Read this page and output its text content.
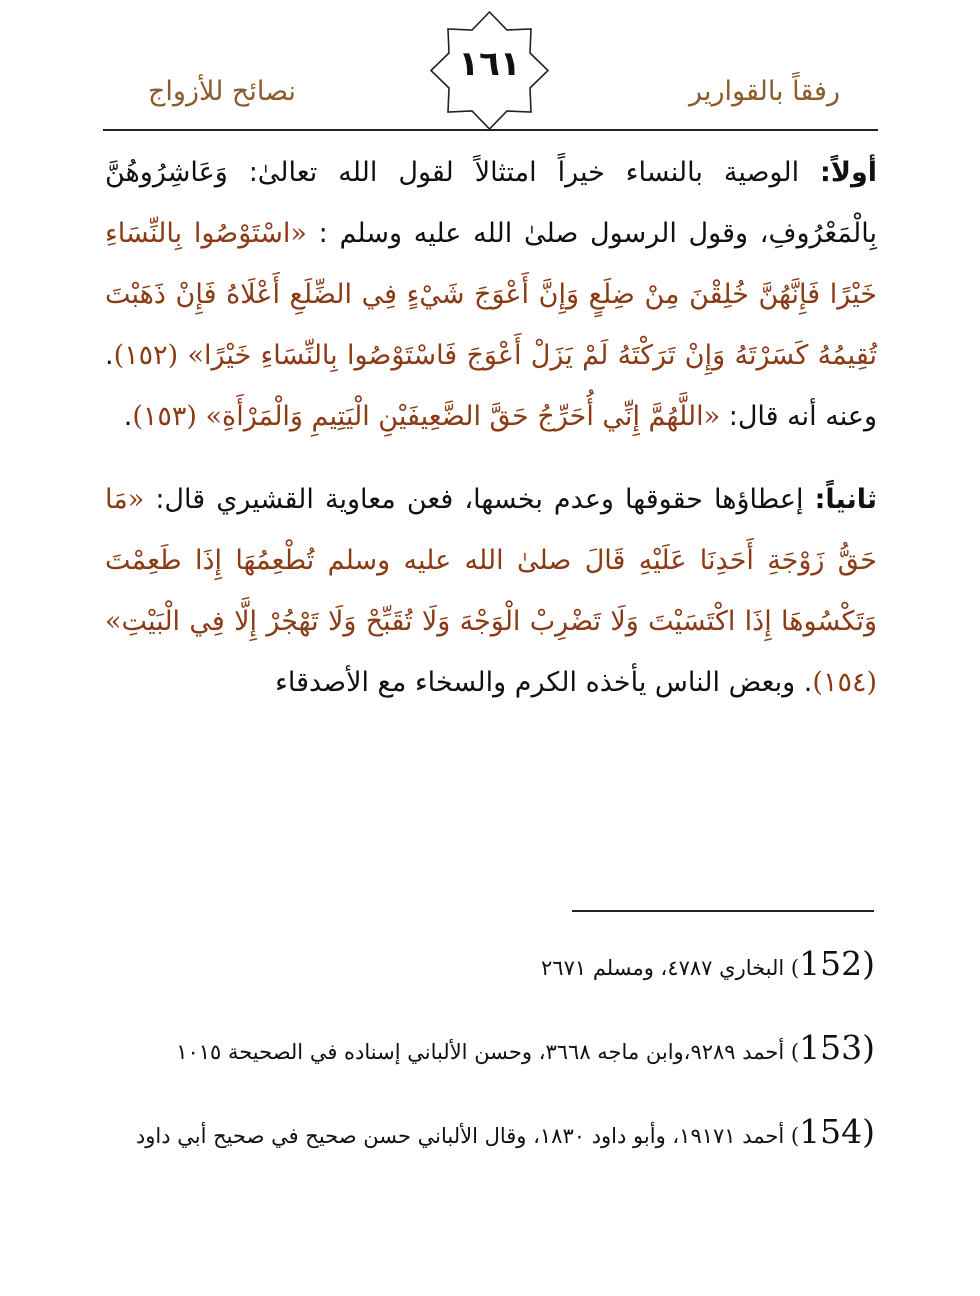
رفقاً بالقوارير
١٦١
نصائح للأزواج

أولاً: الوصية بالنساء خيراً امتثالاً لقول الله تعالىٰ: وَعَاشِرُوهُنَّ بِالْمَعْرُوفِ، وقول الرسول صلىٰ الله عليه وسلم : «اسْتَوْصُوا بِالنِّسَاءِ خَيْرًا فَإِنَّهُنَّ خُلِقْنَ مِنْ ضِلَعٍ وَإِنَّ أَعْوَجَ شَيْءٍ فِي الضِّلَعِ أَعْلَاهُ فَإِنْ ذَهَبْتَ تُقِيمُهُ كَسَرْتَهُ وَإِنْ تَرَكْتَهُ لَمْ يَزَلْ أَعْوَجَ فَاسْتَوْصُوا بِالنِّسَاءِ خَيْرًا» (١٥٢). وعنه أنه قال: «اللَّهُمَّ إِنِّي أُحَرِّجُ حَقَّ الضَّعِيفَيْنِ الْيَتِيمِ وَالْمَرْأَةِ» (١٥٣).

ثانياً: إعطاؤها حقوقها وعدم بخسها، فعن معاوية القشيري قال: «مَا حَقُّ زَوْجَةِ أَحَدِنَا عَلَيْهِ قَالَ صلىٰ الله عليه وسلم تُطْعِمُهَا إِذَا طَعِمْتَ وَتَكْسُوهَا إِذَا اكْتَسَيْتَ وَلَا تَضْرِبْ الْوَجْهَ وَلَا تُقَبِّحْ وَلَا تَهْجُرْ إِلَّا فِي الْبَيْتِ» (١٥٤). وبعض الناس يأخذه الكرم والسخاء مع الأصدقاء

(152) البخاري ٤٧٨٧، ومسلم ٢٦٧١
(153) أحمد ٩٢٨٩،وابن ماجه ٣٦٦٨، وحسن الألباني إسناده في الصحيحة ١٠١٥
(154) أحمد ١٩١٧١، وأبو داود ١٨٣٠، وقال الألباني حسن صحيح في صحيح أبي داود
